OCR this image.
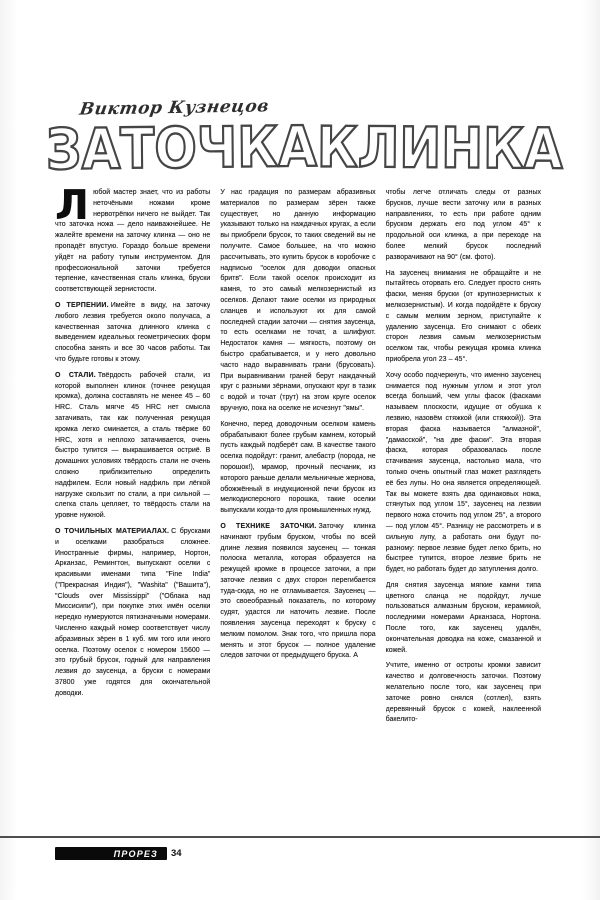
Виктор Кузнецов
ЗАТОЧКА КЛИНКА

Любой мастер знает, что из работы неточёными ножами кроме нервотрёпки ничего не выйдет. Так что заточка ножа — дело наиважнейшее. Не жалейте времени на заточку клинка — оно не пропадёт впустую. Гораздо больше времени уйдёт на работу тупым инструментом. Для профессиональной заточки требуется терпение, качественная сталь клинка, бруски соответствующей зернистости.

О ТЕРПЕНИИ. Имейте в виду, на заточку любого лезвия требуется около получаса, а качественная заточка длинного клинка с выведением идеальных геометрических форм способна занять и все 30 часов работы. Так что будьте готовы к этому.

О СТАЛИ. Твёрдость рабочей стали, из которой выполнен клинок (точнее режущая кромка), должна составлять не менее 45 – 60 HRC. Сталь мягче 45 HRC нет смысла затачивать, так как полученная режущая кромка легко сминается, а сталь твёрже 60 HRC, хотя и неплохо затачивается, очень быстро тупится — выкрашивается остриё. В домашних условиях твёрдость стали не очень сложно приблизительно определить надфилем. Если новый надфиль при лёгкой нагрузке скользит по стали, а при сильной — слегка сталь цепляет, то твёрдость стали на уровне нужной.

О ТОЧИЛЬНЫХ МАТЕРИАЛАХ. С брусками и оселками разобраться сложнее. Иностранные фирмы, например, Нортон, Арканзас, Ремингтон, выпускают оселки с красивыми именами типа "Fine India" ("Прекрасная Индия"), "Washita" ("Вашита"), "Clouds over Mississippi" ("Облака над Миссисипи"), при покупке этих имён оселки нередко нумеруются пятизначными номерами. Численно каждый номер соответствует числу абразивных зёрен в 1 куб. мм того или иного оселка. Поэтому оселок с номером 15600 — это грубый брусок, годный для направления лезвия до заусенца, а бруски с номерами 37800 уже годятся для окончательной доводки.

У нас градация по размерам абразивных материалов по размерам зёрен также существует, но данную информацию указывают только на наждачных кругах, а если вы приобрели брусок, то таких сведений вы не получите. Самое большее, на что можно рассчитывать, это купить брусок в коробочке с надписью "оселок для доводки опасных бритв". Если такой оселок происходит из камня, то это самый мелкозернистый из оселков. Делают такие оселки из природных сланцев и используют их для самой последней стадии заточки — снятия заусенца, то есть оселками не точат, а шлифуют. Недостаток камня — мягкость, поэтому он быстро срабатывается, и у него довольно часто надо выравнивать грани (брусовать). При выравнивании граней берут наждачный круг с разными зёрнами, опускают круг в тазик с водой и точат (трут) на этом круге оселок вручную, пока на оселке не исчезнут "ямы".

Конечно, перед доводочным оселком камень обрабатывают более грубым камнем, который пусть каждый подберёт сам. В качестве такого оселка подойдут: гранит, алебастр (порода, не порошок!), мрамор, прочный песчаник, из которого раньше делали мельничные жернова, обожжённый в индукционной печи брусок из мелкодисперсного порошка, такие оселки выпускали когда-то для промышленных нужд.

О ТЕХНИКЕ ЗАТОЧКИ. Заточку клинка начинают грубым бруском, чтобы по всей длине лезвия появился заусенец — тонкая полоска металла, которая образуется на режущей кромке в процессе заточки, а при заточке лезвия с двух сторон перегибается туда-сюда, но не отламывается. Заусенец — это своеобразный показатель, по которому судят, удастся ли наточить лезвие. После появления заусенца переходят к бруску с мелким помолом. Знак того, что пришла пора менять и этот брусок — полное удаление следов заточки от предыдущего бруска. А

чтобы легче отличать следы от разных брусков, лучше вести заточку или в разных направлениях, то есть при работе одним бруском держать его под углом 45° к продольной оси клинка, а при переходе на более мелкий брусок последний разворачивают на 90° (см. фото).

На заусенец внимания не обращайте и не пытайтесь оторвать его. Следует просто снять фаски, меняя бруски (от крупнозернистых к мелкозернистым). И когда подойдёте к бруску с самым мелким зерном, приступайте к удалению заусенца. Его снимают с обеих сторон лезвия самым мелкозернистым оселком так, чтобы режущая кромка клинка приобрела угол 23 – 45°.

Хочу особо подчеркнуть, что именно заусенец снимается под нужным углом и этот угол всегда больший, чем углы фасок (фасками называем плоскости, идущие от обушка к лезвию, назовём стяжкой (или стяжкой)). Эта вторая фаска называется "алмазной", "дамасской", "на две фаски". Эта вторая фаска, которая образовалась после стачивания заусенца, настолько мала, что только очень опытный глаз может разглядеть её без лупы. Но она является определяющей. Так вы можете взять два одинаковых ножа, стянутых под углом 15°, заусенец на лезвии первого ножа сточить под углом 25°, а второго — под углом 45°. Разницу не рассмотреть и в сильную лупу, а работать они будут по-разному: первое лезвие будет легко брить, но быстрее тупится, второе лезвие брить не будет, но работать будет до затупления долго.

Для снятия заусенца мягкие камни типа цветного сланца не подойдут, лучше пользоваться алмазным бруском, керамикой, последними номерами Арканзаса, Нортона. После того, как заусенец удалён, окончательная доводка на коже, смазанной и кожей.

Учтите, именно от остроты кромки зависит качество и долговечность заточки. Поэтому желательно после того, как заусенец при заточке ровно снялся (сотлел), взять деревянный брусок с кожей, наклеенной бакелито-

ПРОРЕЗ 34
